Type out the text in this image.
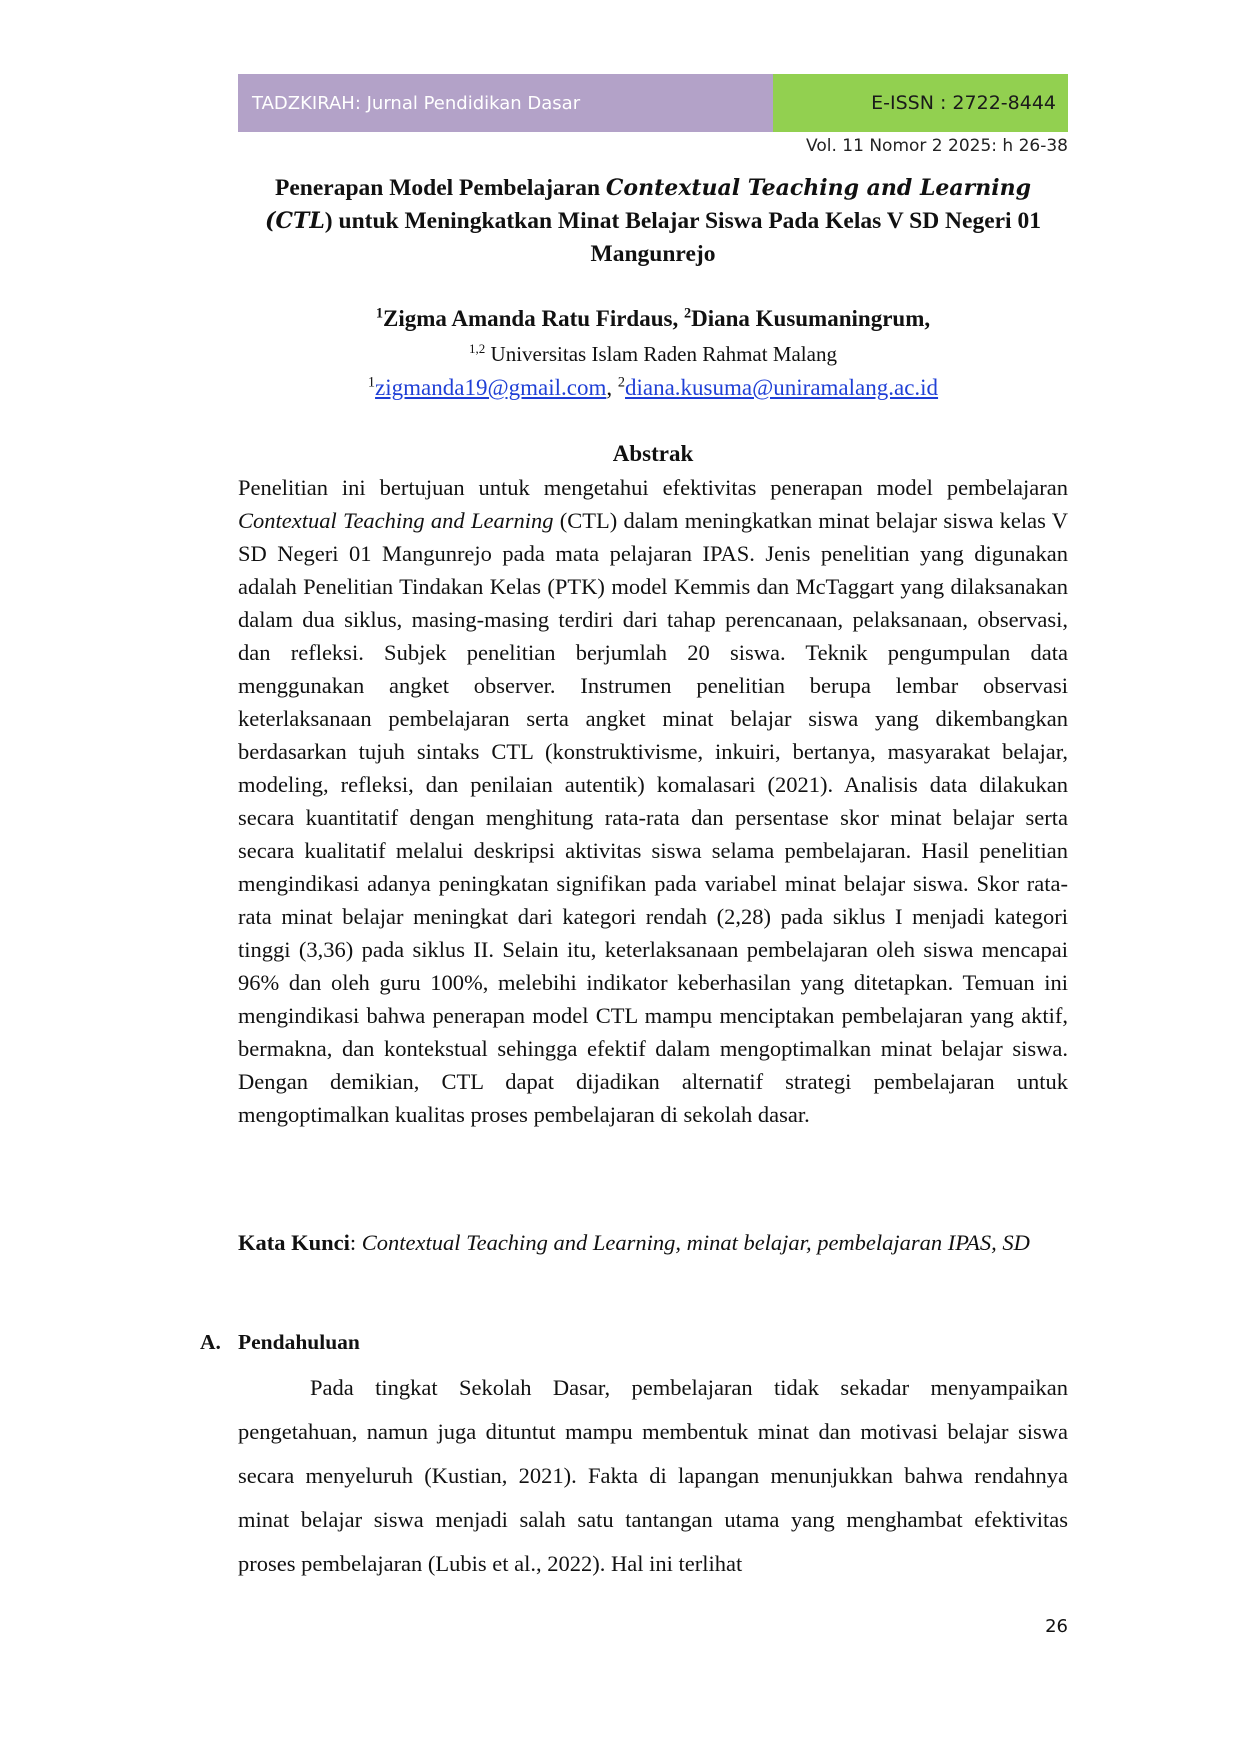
TADZKIRAH: Jurnal Pendidikan Dasar	E-ISSN : 2722-8444
Vol. 11 Nomor 2 2025: h 26-38
Penerapan Model Pembelajaran Contextual Teaching and Learning (CTL) untuk Meningkatkan Minat Belajar Siswa Pada Kelas V SD Negeri 01 Mangunrejo

$^1$Zigma Amanda Ratu Firdaus, $^2$Diana Kusumaningrum,

$^{1,2}$ Universitas Islam Raden Rahmat Malang

$^1$zigmanda19@gmail.com, $^2$diana.kusuma@uniramalang.ac.id

Abstrak

Penelitian ini bertujuan untuk mengetahui efektivitas penerapan model pembelajaran Contextual Teaching and Learning (CTL) dalam meningkatkan minat belajar siswa kelas V SD Negeri 01 Mangunrejo pada mata pelajaran IPAS. Jenis penelitian yang digunakan adalah Penelitian Tindakan Kelas (PTK) model Kemmis dan McTaggart yang dilaksanakan dalam dua siklus, masing-masing terdiri dari tahap perencanaan, pelaksanaan, observasi, dan refleksi. Subjek penelitian berjumlah 20 siswa. Teknik pengumpulan data menggunakan angket observer. Instrumen penelitian berupa lembar observasi keterlaksanaan pembelajaran serta angket minat belajar siswa yang dikembangkan berdasarkan tujuh sintaks CTL (konstruktivisme, inkuiri, bertanya, masyarakat belajar, modeling, refleksi, dan penilaian autentik) komalasari (2021). Analisis data dilakukan secara kuantitatif dengan menghitung rata-rata dan persentase skor minat belajar serta secara kualitatif melalui deskripsi aktivitas siswa selama pembelajaran. Hasil penelitian mengindikasi adanya peningkatan signifikan pada variabel minat belajar siswa. Skor rata-rata minat belajar meningkat dari kategori rendah (2,28) pada siklus I menjadi kategori tinggi (3,36) pada siklus II. Selain itu, keterlaksanaan pembelajaran oleh siswa mencapai 96% dan oleh guru 100%, melebihi indikator keberhasilan yang ditetapkan. Temuan ini mengindikasi bahwa penerapan model CTL mampu menciptakan pembelajaran yang aktif, bermakna, dan kontekstual sehingga efektif dalam mengoptimalkan minat belajar siswa. Dengan demikian, CTL dapat dijadikan alternatif strategi pembelajaran untuk mengoptimalkan kualitas proses pembelajaran di sekolah dasar.

Kata Kunci: Contextual Teaching and Learning, minat belajar, pembelajaran IPAS, SD

A. Pendahuluan

Pada tingkat Sekolah Dasar, pembelajaran tidak sekadar menyampaikan pengetahuan, namun juga dituntut mampu membentuk minat dan motivasi belajar siswa secara menyeluruh (Kustian, 2021). Fakta di lapangan menunjukkan bahwa rendahnya minat belajar siswa menjadi salah satu tantangan utama yang menghambat efektivitas proses pembelajaran (Lubis et al., 2022). Hal ini terlihat

26
